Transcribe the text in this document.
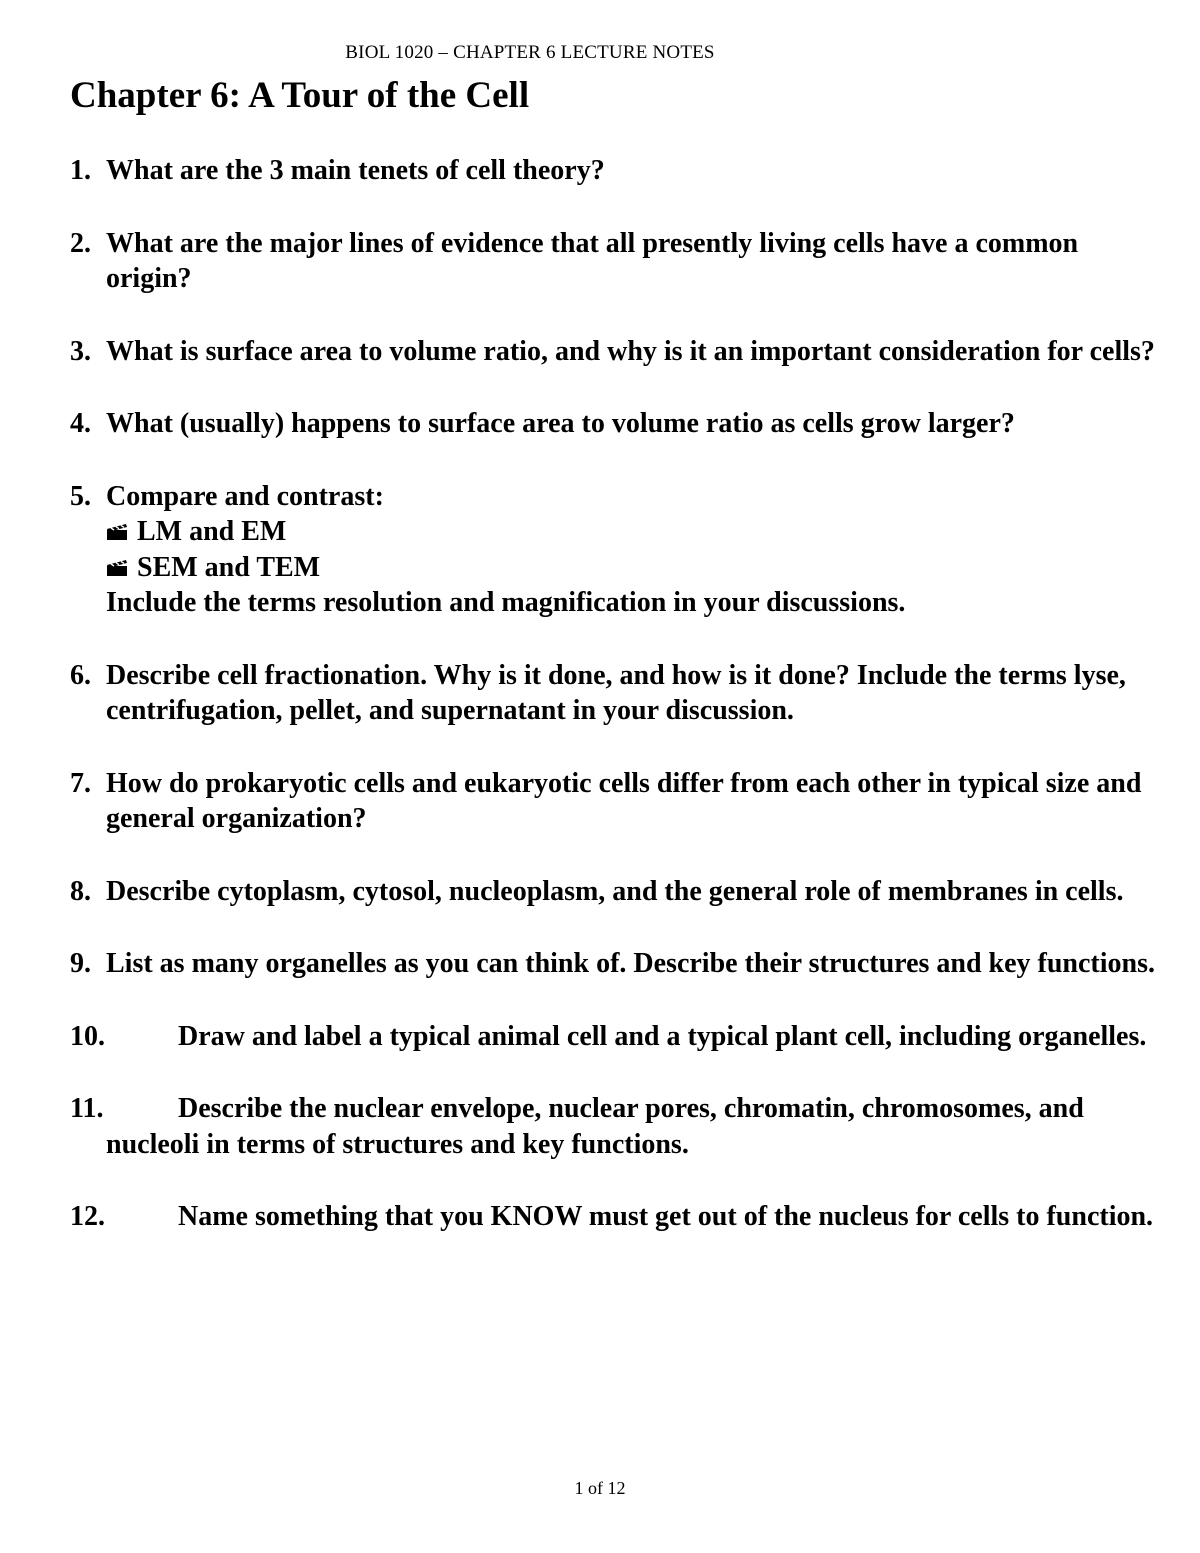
BIOL 1020 – CHAPTER 6 LECTURE NOTES
Chapter 6: A Tour of the Cell
1. What are the 3 main tenets of cell theory?
2. What are the major lines of evidence that all presently living cells have a common origin?
3. What is surface area to volume ratio, and why is it an important consideration for cells?
4. What (usually) happens to surface area to volume ratio as cells grow larger?
5. Compare and contrast:
LM and EM
SEM and TEM
Include the terms resolution and magnification in your discussions.
6. Describe cell fractionation. Why is it done, and how is it done? Include the terms lyse, centrifugation, pellet, and supernatant in your discussion.
7. How do prokaryotic cells and eukaryotic cells differ from each other in typical size and general organization?
8. Describe cytoplasm, cytosol, nucleoplasm, and the general role of membranes in cells.
9. List as many organelles as you can think of. Describe their structures and key functions.
10.	Draw and label a typical animal cell and a typical plant cell, including organelles.
11.	Describe the nuclear envelope, nuclear pores, chromatin, chromosomes, and nucleoli in terms of structures and key functions.
12.	Name something that you KNOW must get out of the nucleus for cells to function.
1 of 12
